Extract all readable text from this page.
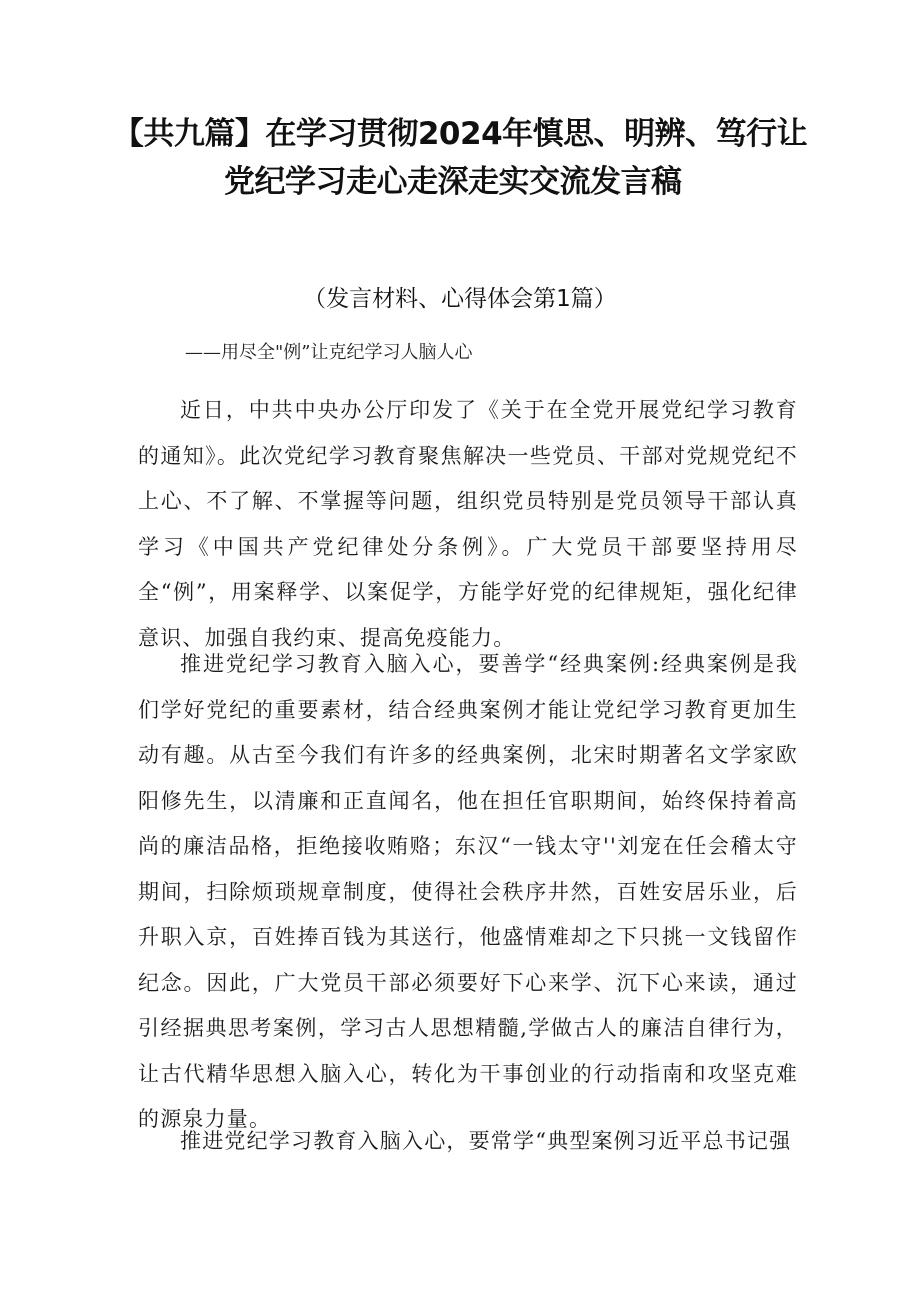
【共九篇】在学习贯彻2024年慎思、明辨、笃行让
党纪学习走心走深走实交流发言稿
（发言材料、心得体会第1篇）
——用尽全"例”让克纪学习人脑人心

近日，中共中央办公厅印发了《关于在全党开展党纪学习教育的通知》。此次党纪学习教育聚焦解决一些党员、干部对党规党纪不上心、不了解、不掌握等问题，组织党员特别是党员领导干部认真学习《中国共产党纪律处分条例》。广大党员干部要坚持用尽全“例”，用案释学、以案促学，方能学好党的纪律规矩，强化纪律意识、加强自我约束、提高免疫能力。

推进党纪学习教育入脑入心，要善学“经典案例:经典案例是我们学好党纪的重要素材，结合经典案例才能让党纪学习教育更加生动有趣。从古至今我们有许多的经典案例，北宋时期著名文学家欧阳修先生，以清廉和正直闻名，他在担任官职期间，始终保持着高尚的廉洁品格，拒绝接收贿赂；东汉“一钱太守''刘宠在任会稽太守期间，扫除烦琐规章制度，使得社会秩序井然，百姓安居乐业，后升职入京，百姓捧百钱为其送行，他盛情难却之下只挑一文钱留作纪念。因此，广大党员干部必须要好下心来学、沉下心来读，通过引经据典思考案例，学习古人思想精髓,学做古人的廉洁自律行为，让古代精华思想入脑入心，转化为干事创业的行动指南和攻坚克难的源泉力量。

推进党纪学习教育入脑入心，要常学“典型案例习近平总书记强
